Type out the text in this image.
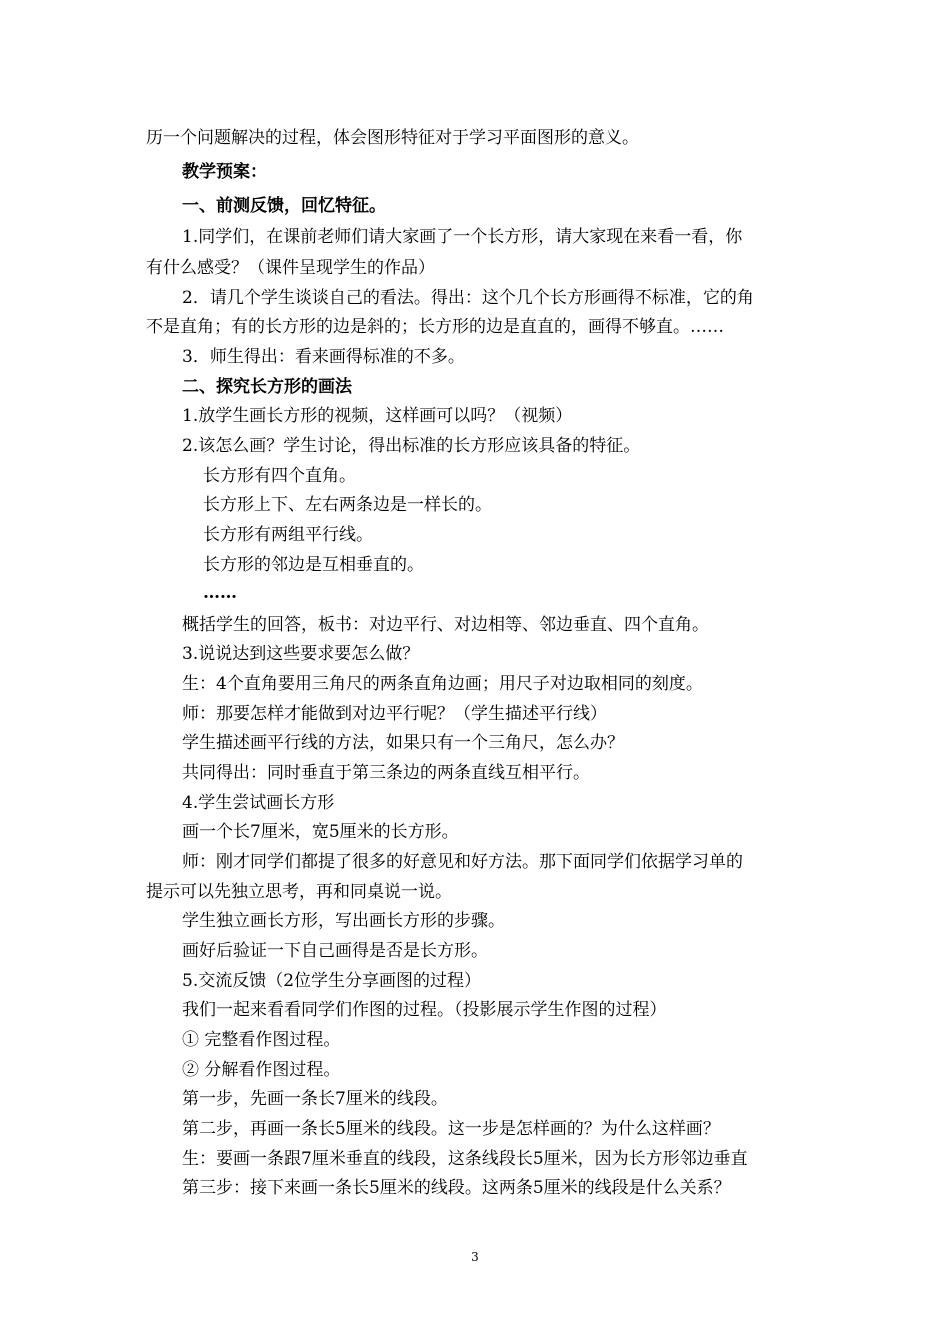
历一个问题解决的过程，体会图形特征对于学习平面图形的意义。
教学预案：
一、前测反馈，回忆特征。
1.同学们，在课前老师们请大家画了一个长方形，请大家现在来看一看，你
有什么感受？（课件呈现学生的作品）
2．请几个学生谈谈自己的看法。得出：这个几个长方形画得不标准，它的角
不是直角；有的长方形的边是斜的；长方形的边是直直的，画得不够直。……
3．师生得出：看来画得标准的不多。
二、探究长方形的画法
1.放学生画长方形的视频，这样画可以吗？（视频）
2.该怎么画？学生讨论，得出标准的长方形应该具备的特征。
长方形有四个直角。
长方形上下、左右两条边是一样长的。
长方形有两组平行线。
长方形的邻边是互相垂直的。
……
概括学生的回答，板书：对边平行、对边相等、邻边垂直、四个直角。
3.说说达到这些要求要怎么做？
生：4个直角要用三角尺的两条直角边画；用尺子对边取相同的刻度。
师：那要怎样才能做到对边平行呢？（学生描述平行线）
学生描述画平行线的方法，如果只有一个三角尺，怎么办？
共同得出：同时垂直于第三条边的两条直线互相平行。
4.学生尝试画长方形
画一个长7厘米，宽5厘米的长方形。
师：刚才同学们都提了很多的好意见和好方法。那下面同学们依据学习单的
提示可以先独立思考，再和同桌说一说。
学生独立画长方形，写出画长方形的步骤。
画好后验证一下自己画得是否是长方形。
5.交流反馈（2位学生分享画图的过程）
我们一起来看看同学们作图的过程。（投影展示学生作图的过程）
① 完整看作图过程。
② 分解看作图过程。
第一步，先画一条长7厘米的线段。
第二步，再画一条长5厘米的线段。这一步是怎样画的？为什么这样画？
生：要画一条跟7厘米垂直的线段，这条线段长5厘米，因为长方形邻边垂直
第三步：接下来画一条长5厘米的线段。这两条5厘米的线段是什么关系？
3
